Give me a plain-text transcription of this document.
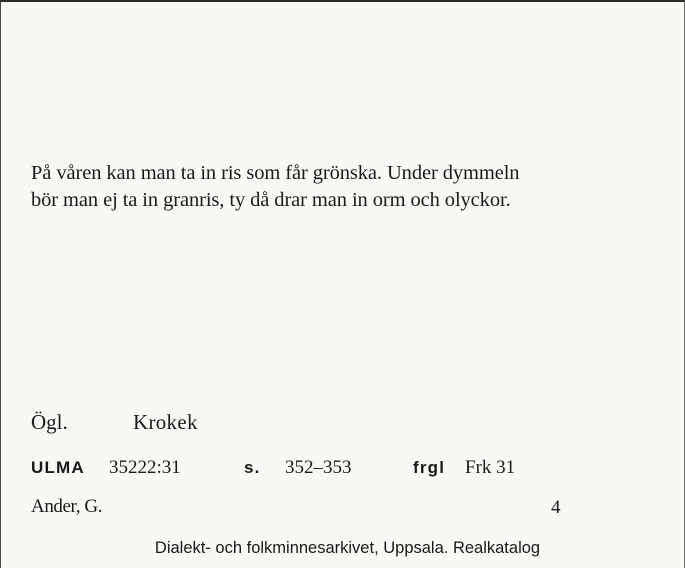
På våren kan man ta in ris som får grönska. Under dymmeln
bör man ej ta in granris, ty då drar man in orm och olyckor.
Ögl.	Krokek
ULMA 35222:31	s. 352–353	frgl Frk 31
Ander, G.	4
Dialekt- och folkminnesarkivet, Uppsala. Realkatalog
